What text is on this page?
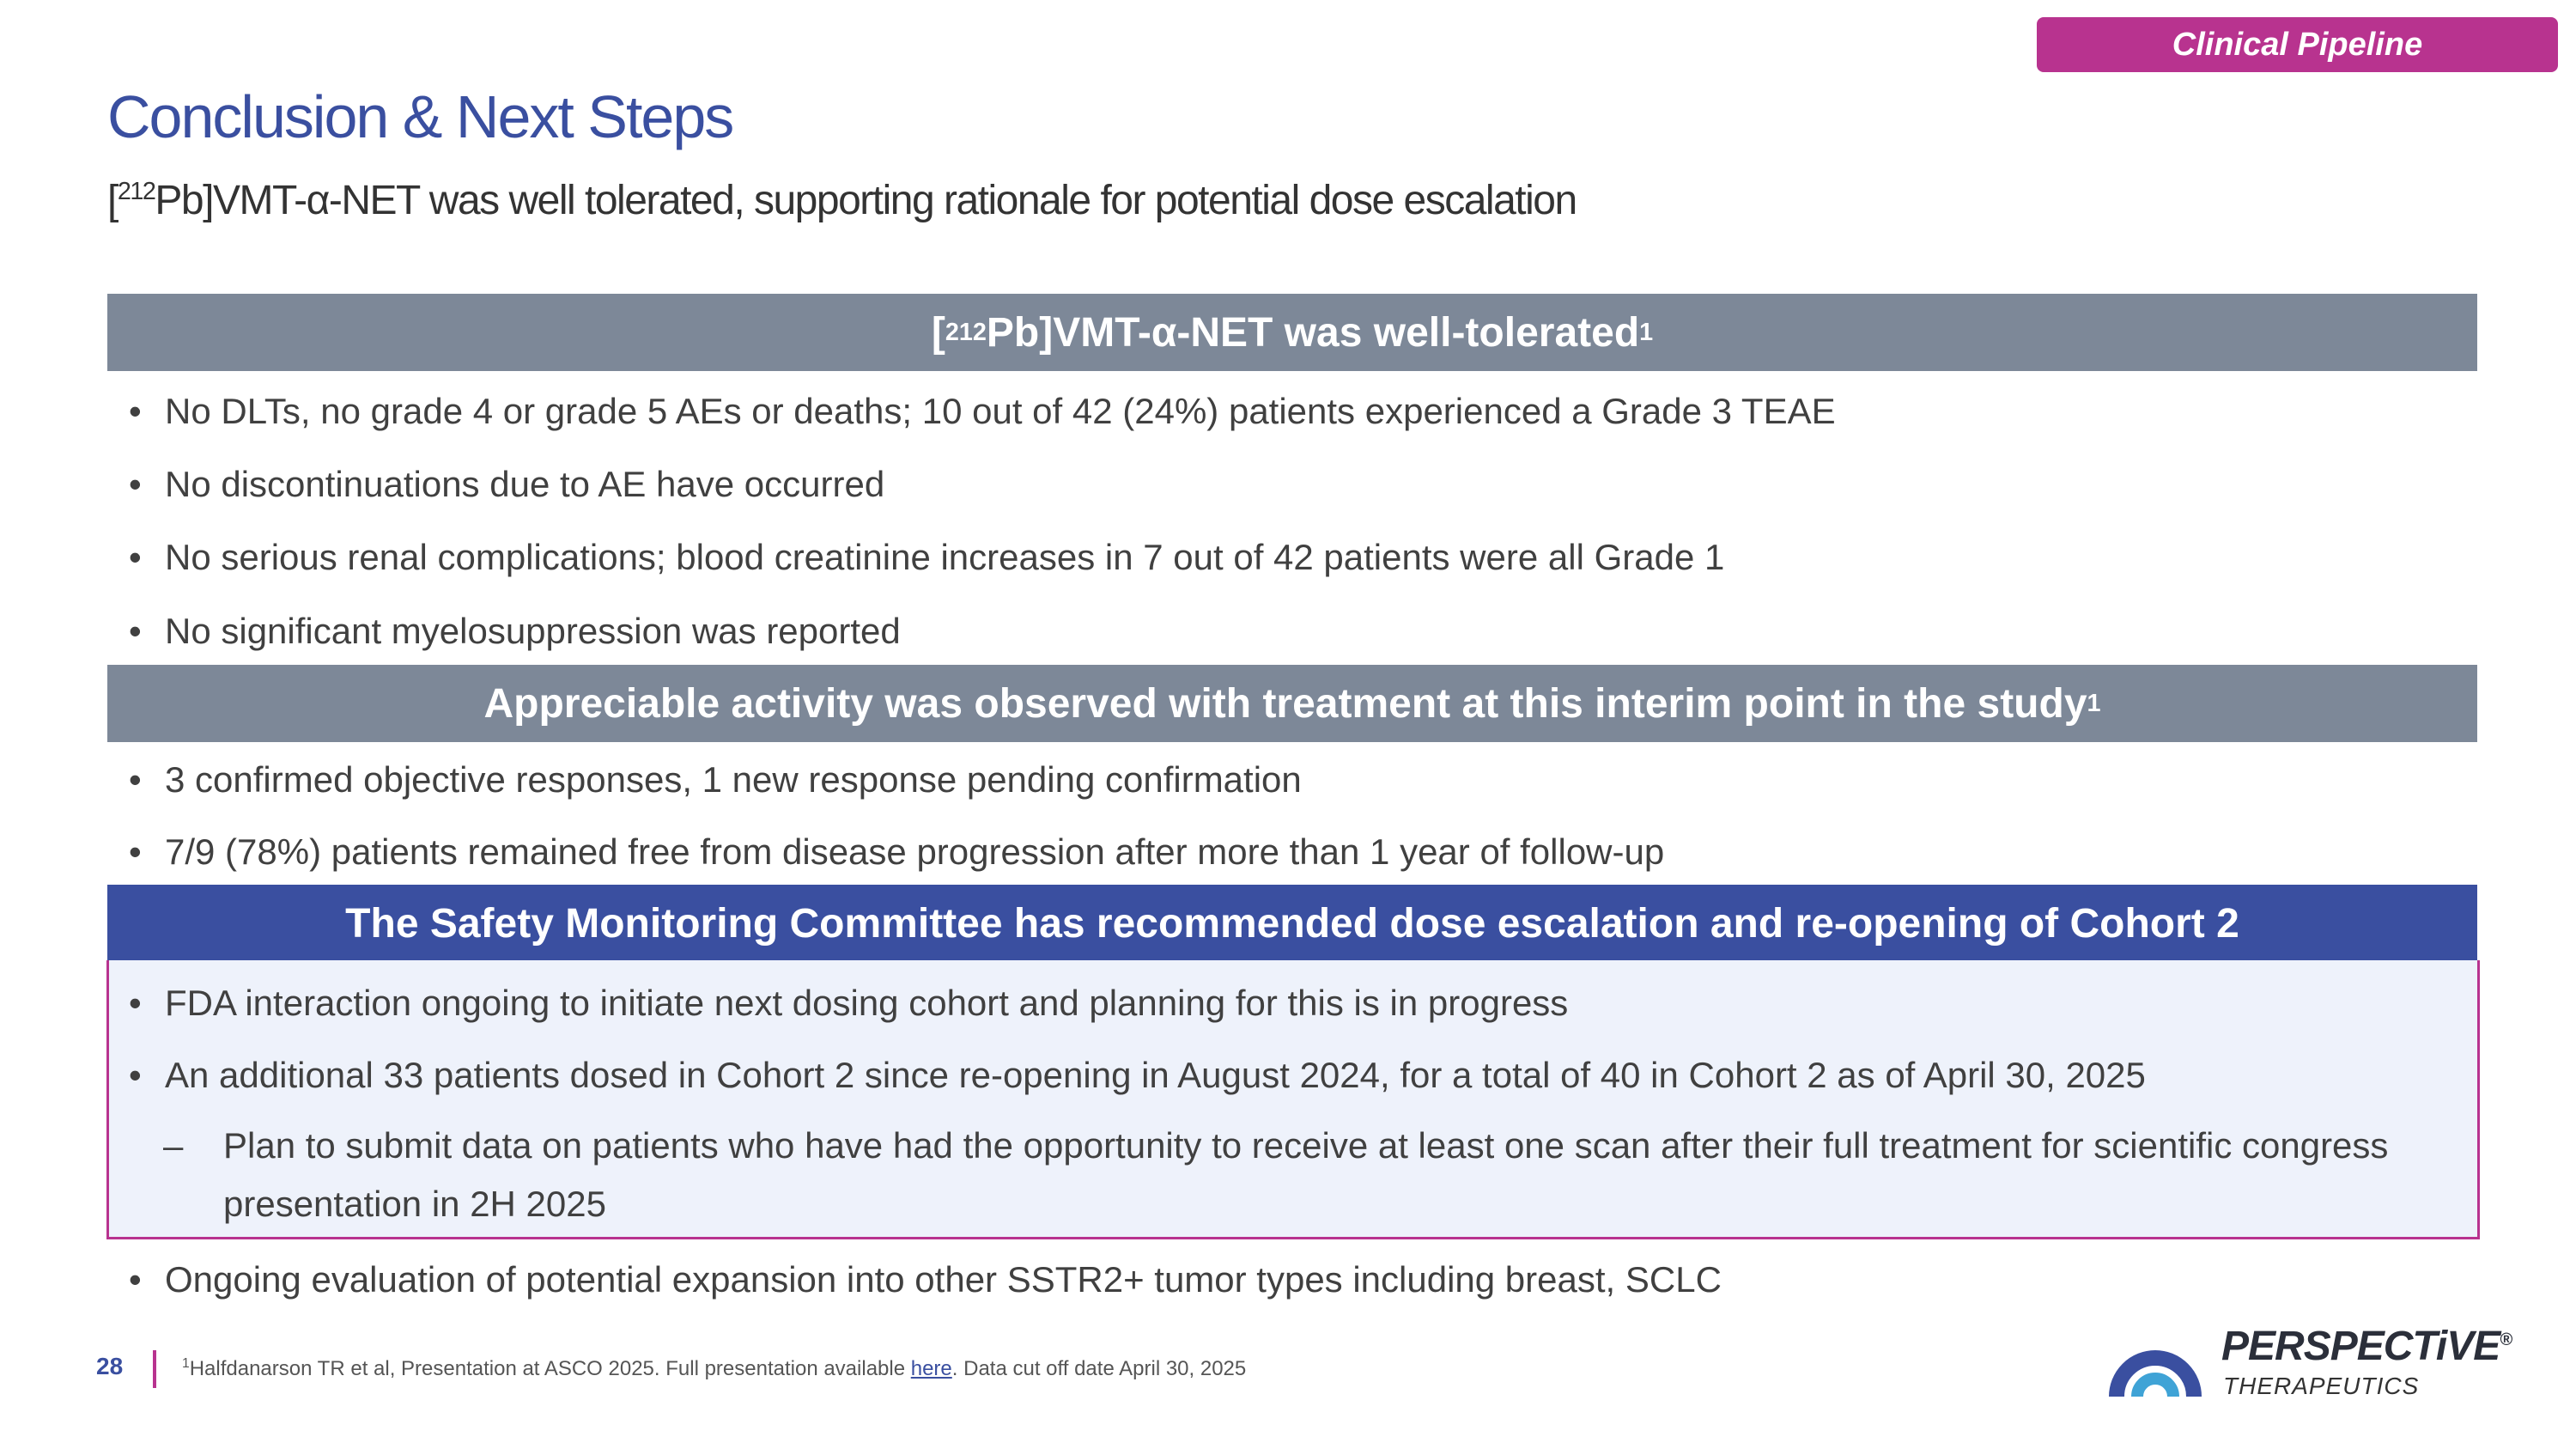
Clinical Pipeline
Conclusion & Next Steps

[$^{212}$Pb]VMT-α-NET was well tolerated, supporting rationale for potential dose escalation

[ 212 Pb]VMT-α-NET was well-tolerated 1
• No DLTs, no grade 4 or grade 5 AEs or deaths; 10 out of 42 (24%) patients experienced a Grade 3 TEAE
• No discontinuations due to AE have occurred
• No serious renal complications; blood creatinine increases in 7 out of 42 patients were all Grade 1
• No significant myelosuppression was reported
Appreciable activity was observed with treatment at this interim point in the study 1
• 3 confirmed objective responses, 1 new response pending confirmation
• 7/9 (78%) patients remained free from disease progression after more than 1 year of follow-up
The Safety Monitoring Committee has recommended dose escalation and re-opening of Cohort 2
• FDA interaction ongoing to initiate next dosing cohort and planning for this is in progress
• An additional 33 patients dosed in Cohort 2 since re-opening in August 2024, for a total of 40 in Cohort 2 as of April 30, 2025
–	Plan to submit data on patients who have had the opportunity to receive at least one scan after their full treatment for scientific congress presentation in 2H 2025
• Ongoing evaluation of potential expansion into other SSTR2+ tumor types including breast, SCLC
28	$^1$Halfdanarson TR et al, Presentation at ASCO 2025. Full presentation available here. Data cut off date April 30, 2025	PERSPECTiVE®
THERAPEUTICS
